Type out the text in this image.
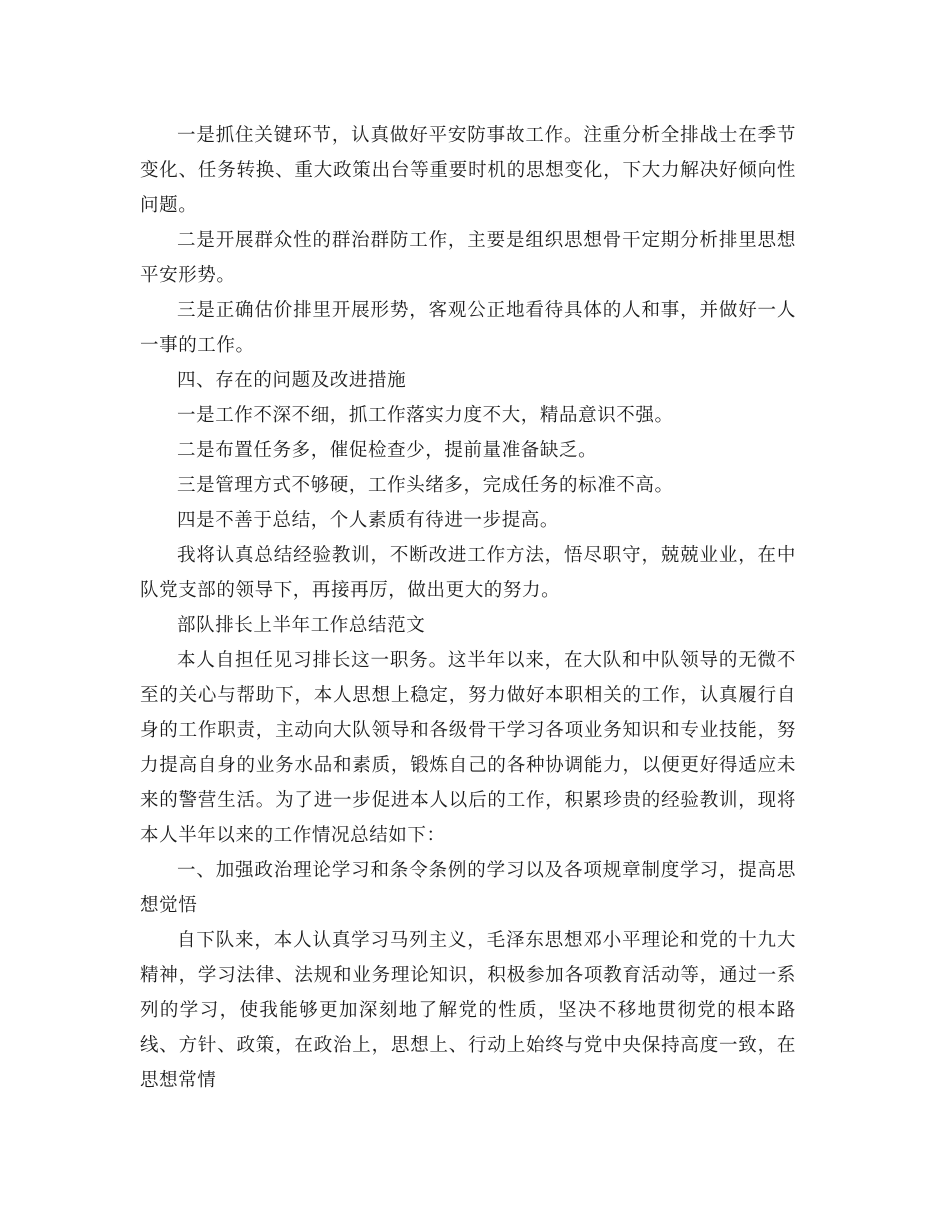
一是抓住关键环节，认真做好平安防事故工作。注重分析全排战士在季节变化、任务转换、重大政策出台等重要时机的思想变化，下大力解决好倾向性问题。

二是开展群众性的群治群防工作，主要是组织思想骨干定期分析排里思想平安形势。

三是正确估价排里开展形势，客观公正地看待具体的人和事，并做好一人一事的工作。

四、存在的问题及改进措施

一是工作不深不细，抓工作落实力度不大，精品意识不强。

二是布置任务多，催促检查少，提前量准备缺乏。

三是管理方式不够硬，工作头绪多，完成任务的标准不高。

四是不善于总结，个人素质有待进一步提高。

我将认真总结经验教训，不断改进工作方法，悟尽职守，兢兢业业，在中队党支部的领导下，再接再厉，做出更大的努力。

部队排长上半年工作总结范文

本人自担任见习排长这一职务。这半年以来，在大队和中队领导的无微不至的关心与帮助下，本人思想上稳定，努力做好本职相关的工作，认真履行自身的工作职责，主动向大队领导和各级骨干学习各项业务知识和专业技能，努力提高自身的业务水品和素质，锻炼自己的各种协调能力，以便更好得适应未来的警营生活。为了进一步促进本人以后的工作，积累珍贵的经验教训，现将本人半年以来的工作情况总结如下：

一、加强政治理论学习和条令条例的学习以及各项规章制度学习，提高思想觉悟

自下队来，本人认真学习马列主义，毛泽东思想邓小平理论和党的十九大精神，学习法律、法规和业务理论知识，积极参加各项教育活动等，通过一系列的学习，使我能够更加深刻地了解党的性质，坚决不移地贯彻党的根本路线、方针、政策，在政治上，思想上、行动上始终与党中央保持高度一致，在思想常情
